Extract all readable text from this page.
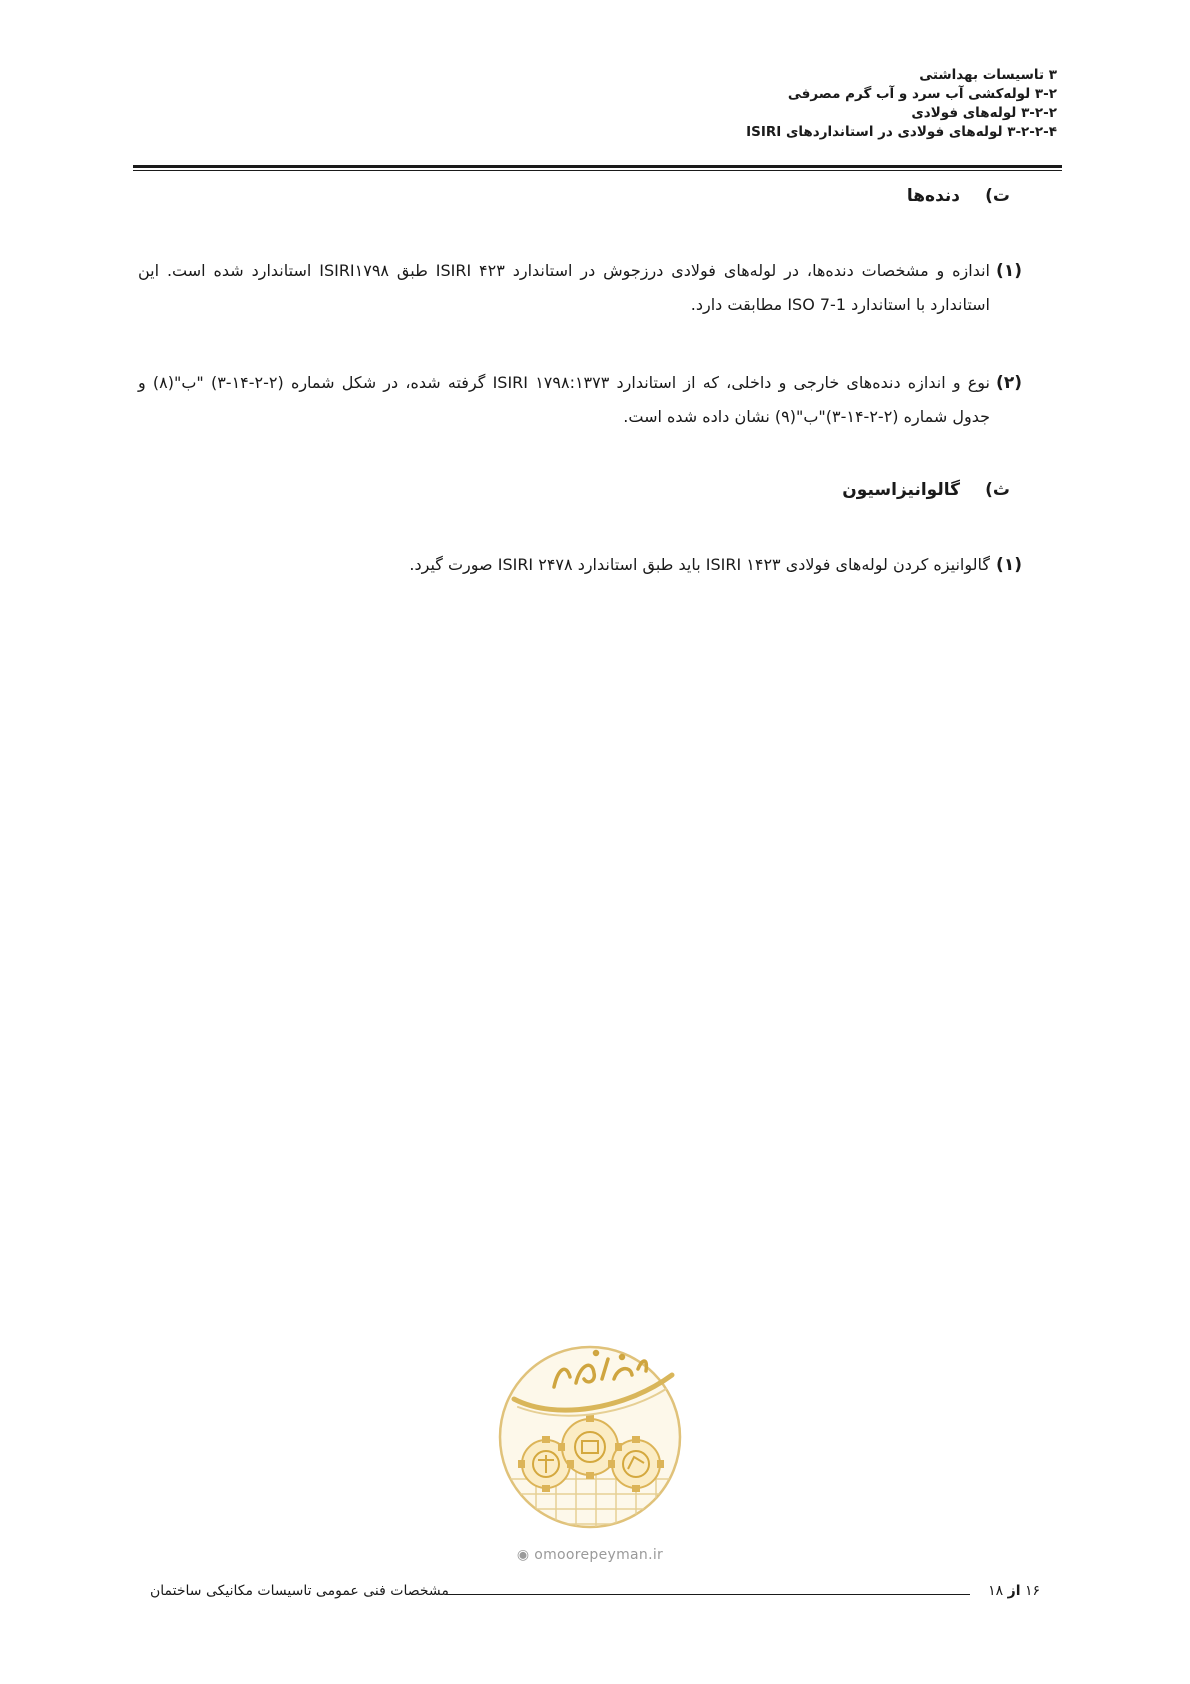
۳ تاسیسات بهداشتی
۳-۲ لوله‌کشی آب سرد و آب گرم مصرفی
۳-۲-۲ لوله‌های فولادی
۳-۲-۲-۴ لوله‌های فولادی در استانداردهای ISIRI
ت)
دنده‌ها
(۱)
اندازه و مشخصات دنده‌ها، در لوله‌های فولادی درزجوش در استاندارد ISIRI ۴۲۳ طبق ISIRI۱۷۹۸ استاندارد شده است. این استاندارد با استاندارد ISO 7-1 مطابقت دارد.
(۲)
نوع و اندازه دنده‌های خارجی و داخلی، که از استاندارد ISIRI ۱۷۹۸:۱۳۷۳ گرفته شده، در شکل شماره (۲-۲-۱۴-۳) "ب"(۸) و جدول شماره (۲-۲-۱۴-۳)"ب"(۹) نشان داده شده است.
ث)
گالوانیزاسیون
(۱)
گالوانیزه کردن لوله‌های فولادی ISIRI ۱۴۲۳ باید طبق استاندارد ISIRI ۲۴۷۸ صورت گیرد.
◉ omoorepeyman.ir
۱۶ از ۱۸
مشخصات فنی عمومی تاسیسات مکانیکی ساختمان
